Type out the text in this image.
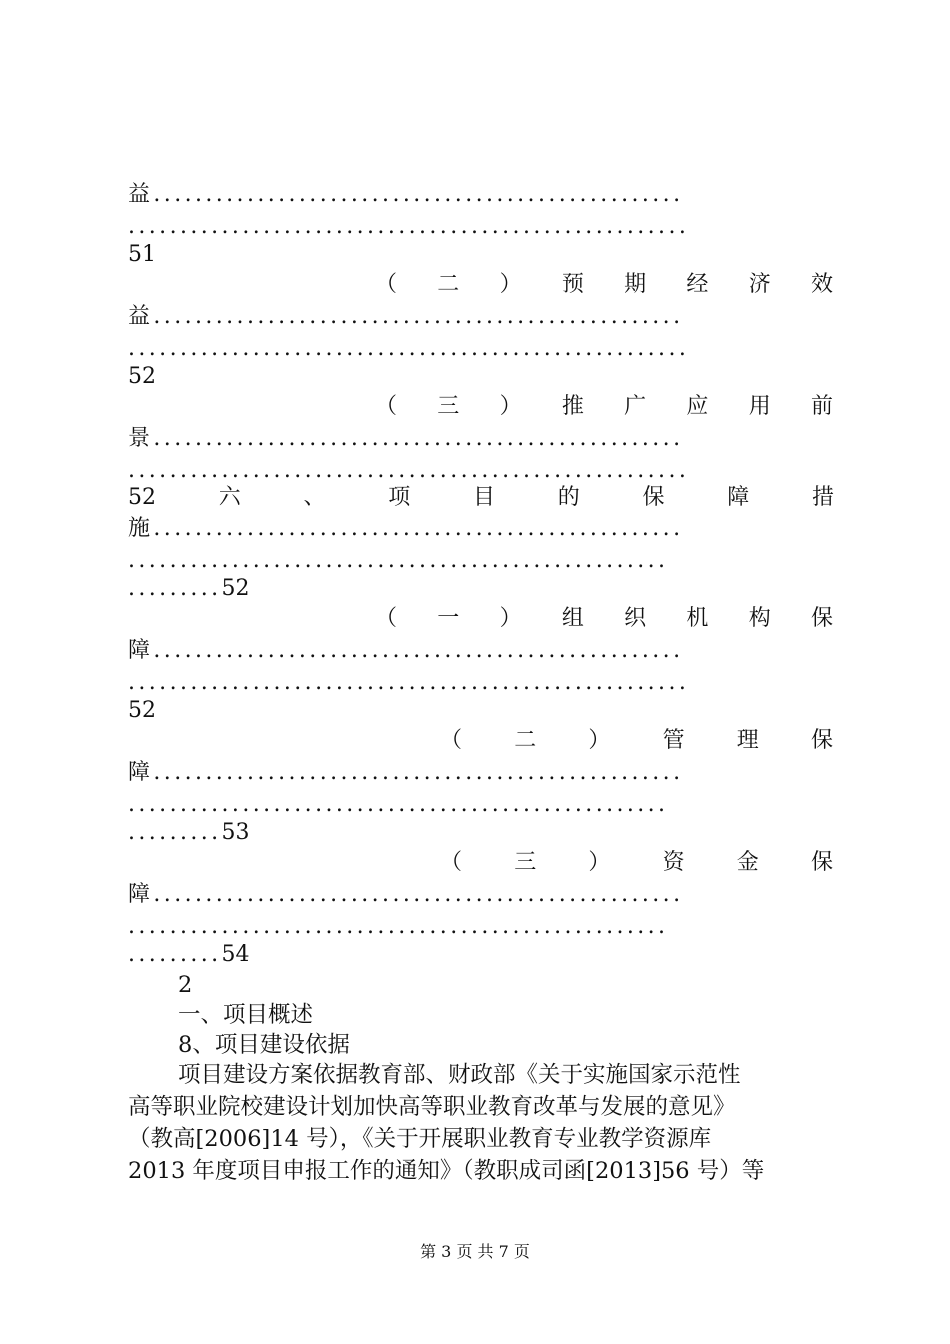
益...................................................
......................................................
51
（ 二 ） 预 期 经 济 效
益...................................................
......................................................
52
（ 三 ） 推 广 应 用 前
景...................................................
......................................................
52	六	、	项	目	的	保	障	措
施...................................................
....................................................
.........52
（ 一 ） 组 织 机 构 保
障...................................................
......................................................
52
（ 二 ） 管 理 保
障...................................................
....................................................
.........53
（ 三 ） 资 金 保
障...................................................
....................................................
.........54
2
一、项目概述
8、项目建设依据
项目建设方案依据教育部、财政部《关于实施国家示范性
高等职业院校建设计划加快高等职业教育改革与发展的意见》
（教高[2006]14 号），《关于开展职业教育专业教学资源库
2013 年度项目申报工作的通知》（教职成司函[2013]56 号）等
第 3 页 共 7 页
